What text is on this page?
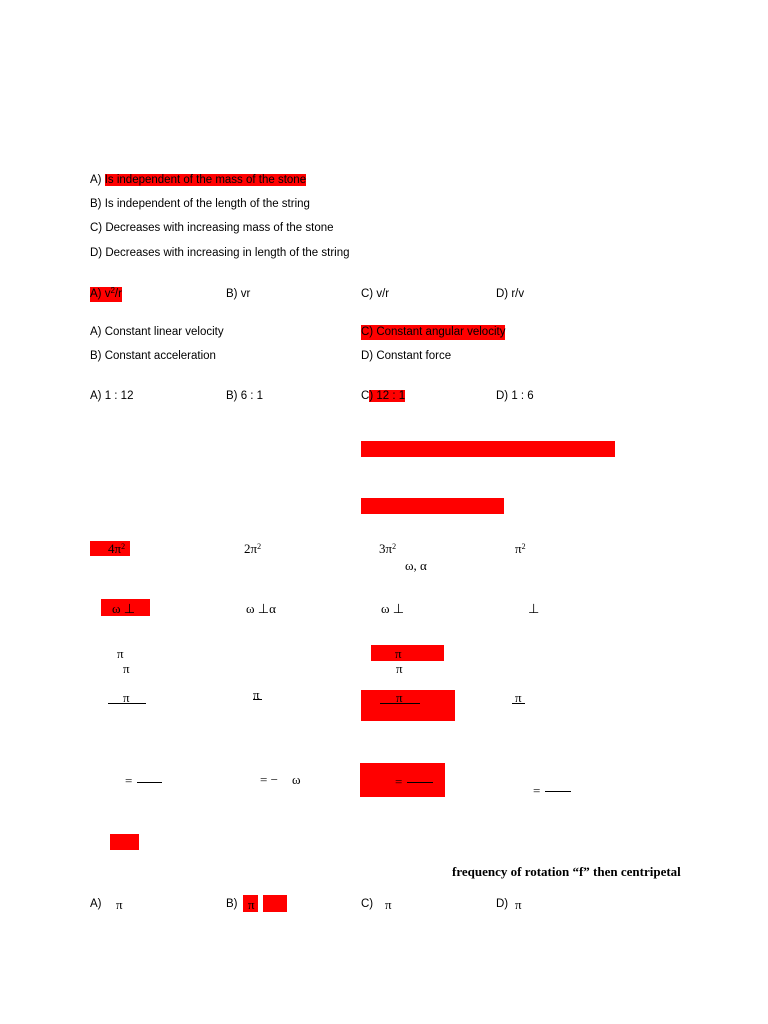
A) Is independent of the mass of the stone
B) Is independent of the length of the string
C) Decreases with increasing mass of the stone
D) Decreases with increasing in length of the string
A) $v^2/r$	B) vr	C) v/r	D) r/v
A) Constant linear velocity	C) Constant angular velocity
B) Constant acceleration	D) Constant force
A) 1 : 12	B) 6 : 1	C) 12 : 1	D) 1 : 6
$4\pi^2$	$2\pi^2$	$3\pi^2$	$\pi^2$
ω, α
ω ⊥	ω ⊥α	ω ⊥	⊥
π
π
π
π
π	π	π	π
=	= − ω	=
=
frequency of rotation “f” then centripetal
A) π	B) π	C) π	D) π
